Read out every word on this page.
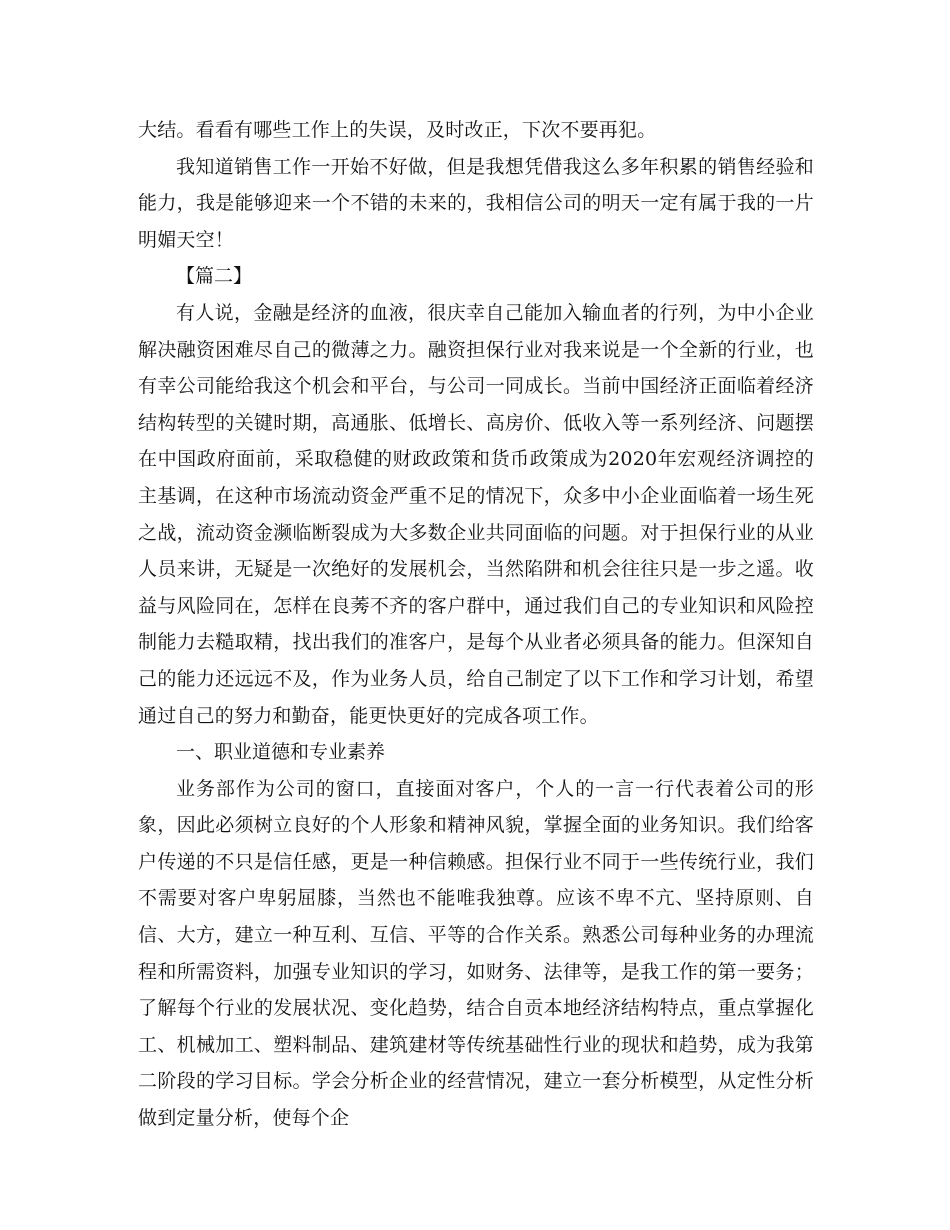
大结。看看有哪些工作上的失误，及时改正，下次不要再犯。

我知道销售工作一开始不好做，但是我想凭借我这么多年积累的销售经验和能力，我是能够迎来一个不错的未来的，我相信公司的明天一定有属于我的一片明媚天空！

【篇二】

有人说，金融是经济的血液，很庆幸自己能加入输血者的行列，为中小企业解决融资困难尽自己的微薄之力。融资担保行业对我来说是一个全新的行业，也有幸公司能给我这个机会和平台，与公司一同成长。当前中国经济正面临着经济结构转型的关键时期，高通胀、低增长、高房价、低收入等一系列经济、问题摆在中国政府面前，采取稳健的财政政策和货币政策成为2020年宏观经济调控的主基调，在这种市场流动资金严重不足的情况下，众多中小企业面临着一场生死之战，流动资金濒临断裂成为大多数企业共同面临的问题。对于担保行业的从业人员来讲，无疑是一次绝好的发展机会，当然陷阱和机会往往只是一步之遥。收益与风险同在，怎样在良莠不齐的客户群中，通过我们自己的专业知识和风险控制能力去糙取精，找出我们的准客户，是每个从业者必须具备的能力。但深知自己的能力还远远不及，作为业务人员，给自己制定了以下工作和学习计划，希望通过自己的努力和勤奋，能更快更好的完成各项工作。

一、职业道德和专业素养

业务部作为公司的窗口，直接面对客户，个人的一言一行代表着公司的形象，因此必须树立良好的个人形象和精神风貌，掌握全面的业务知识。我们给客户传递的不只是信任感，更是一种信赖感。担保行业不同于一些传统行业，我们不需要对客户卑躬屈膝，当然也不能唯我独尊。应该不卑不亢、坚持原则、自信、大方，建立一种互利、互信、平等的合作关系。熟悉公司每种业务的办理流程和所需资料，加强专业知识的学习，如财务、法律等，是我工作的第一要务；了解每个行业的发展状况、变化趋势，结合自贡本地经济结构特点，重点掌握化工、机械加工、塑料制品、建筑建材等传统基础性行业的现状和趋势，成为我第二阶段的学习目标。学会分析企业的经营情况，建立一套分析模型，从定性分析做到定量分析，使每个企
